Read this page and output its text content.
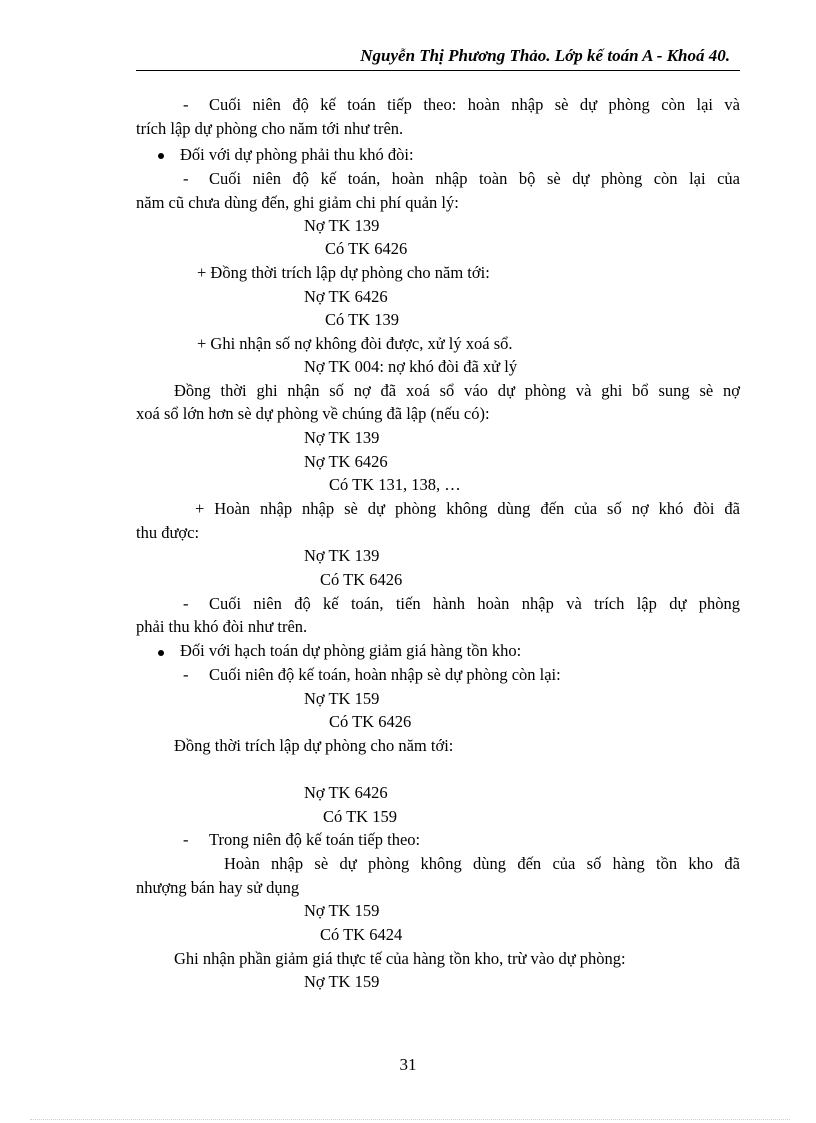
Nguyễn Thị Phương Thảo. Lớp kế toán A - Khoá 40.
- Cuối niên độ kế toán tiếp theo: hoàn nhập sè dự phòng còn lại và
trích lập dự phòng cho năm tới như trên.
Đối với dự phòng phải thu khó đòi:
- Cuối niên độ kế toán, hoàn nhập toàn bộ sè dự phòng còn lại của
năm cũ chưa dùng đến, ghi giảm chi phí quản lý:
Nợ TK 139
Có TK 6426
+ Đồng thời trích lập dự phòng cho năm tới:
Nợ TK 6426
Có TK 139
+ Ghi nhận số nợ không đòi được, xử lý xoá sổ.
Nợ TK 004: nợ khó đòi đã xử lý
Đồng thời ghi nhận số nợ đã xoá sổ váo dự phòng và ghi bổ sung sè nợ
xoá sổ lớn hơn sè dự phòng về chúng đã lập (nếu có):
Nợ TK 139
Nợ TK 6426
Có TK 131, 138, …
+ Hoàn nhập nhập sè dự phòng không dùng đến của số nợ khó đòi đã
thu được:
Nợ TK 139
Có TK 6426
- Cuối niên độ kế toán, tiến hành hoàn nhập và trích lập dự phòng
phải thu khó đòi như trên.
Đối với hạch toán dự phòng giảm giá hàng tồn kho:
- Cuối niên độ kế toán, hoàn nhập sè dự phòng còn lại:
Nợ TK 159
Có TK 6426
Đồng thời trích lập dự phòng cho năm tới:
Nợ TK 6426
Có TK 159
- Trong niên độ kế toán tiếp theo:
Hoàn nhập sè dự phòng không dùng đến của số hàng tồn kho đã
nhượng bán hay sử dụng
Nợ TK 159
Có TK 6424
Ghi nhận phần giảm giá thực tế của hàng tồn kho, trừ vào dự phòng:
Nợ TK 159
31
